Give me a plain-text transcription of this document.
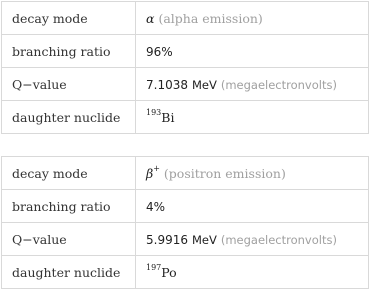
decay mode	α (alpha emission)
branching ratio	96%
Q−value	7.1038 MeV (megaelectronvolts)
daughter nuclide	$^{193}$Bi
decay mode	β+ (positron emission)
branching ratio	4%
Q−value	5.9916 MeV (megaelectronvolts)
daughter nuclide	$^{197}$Po
